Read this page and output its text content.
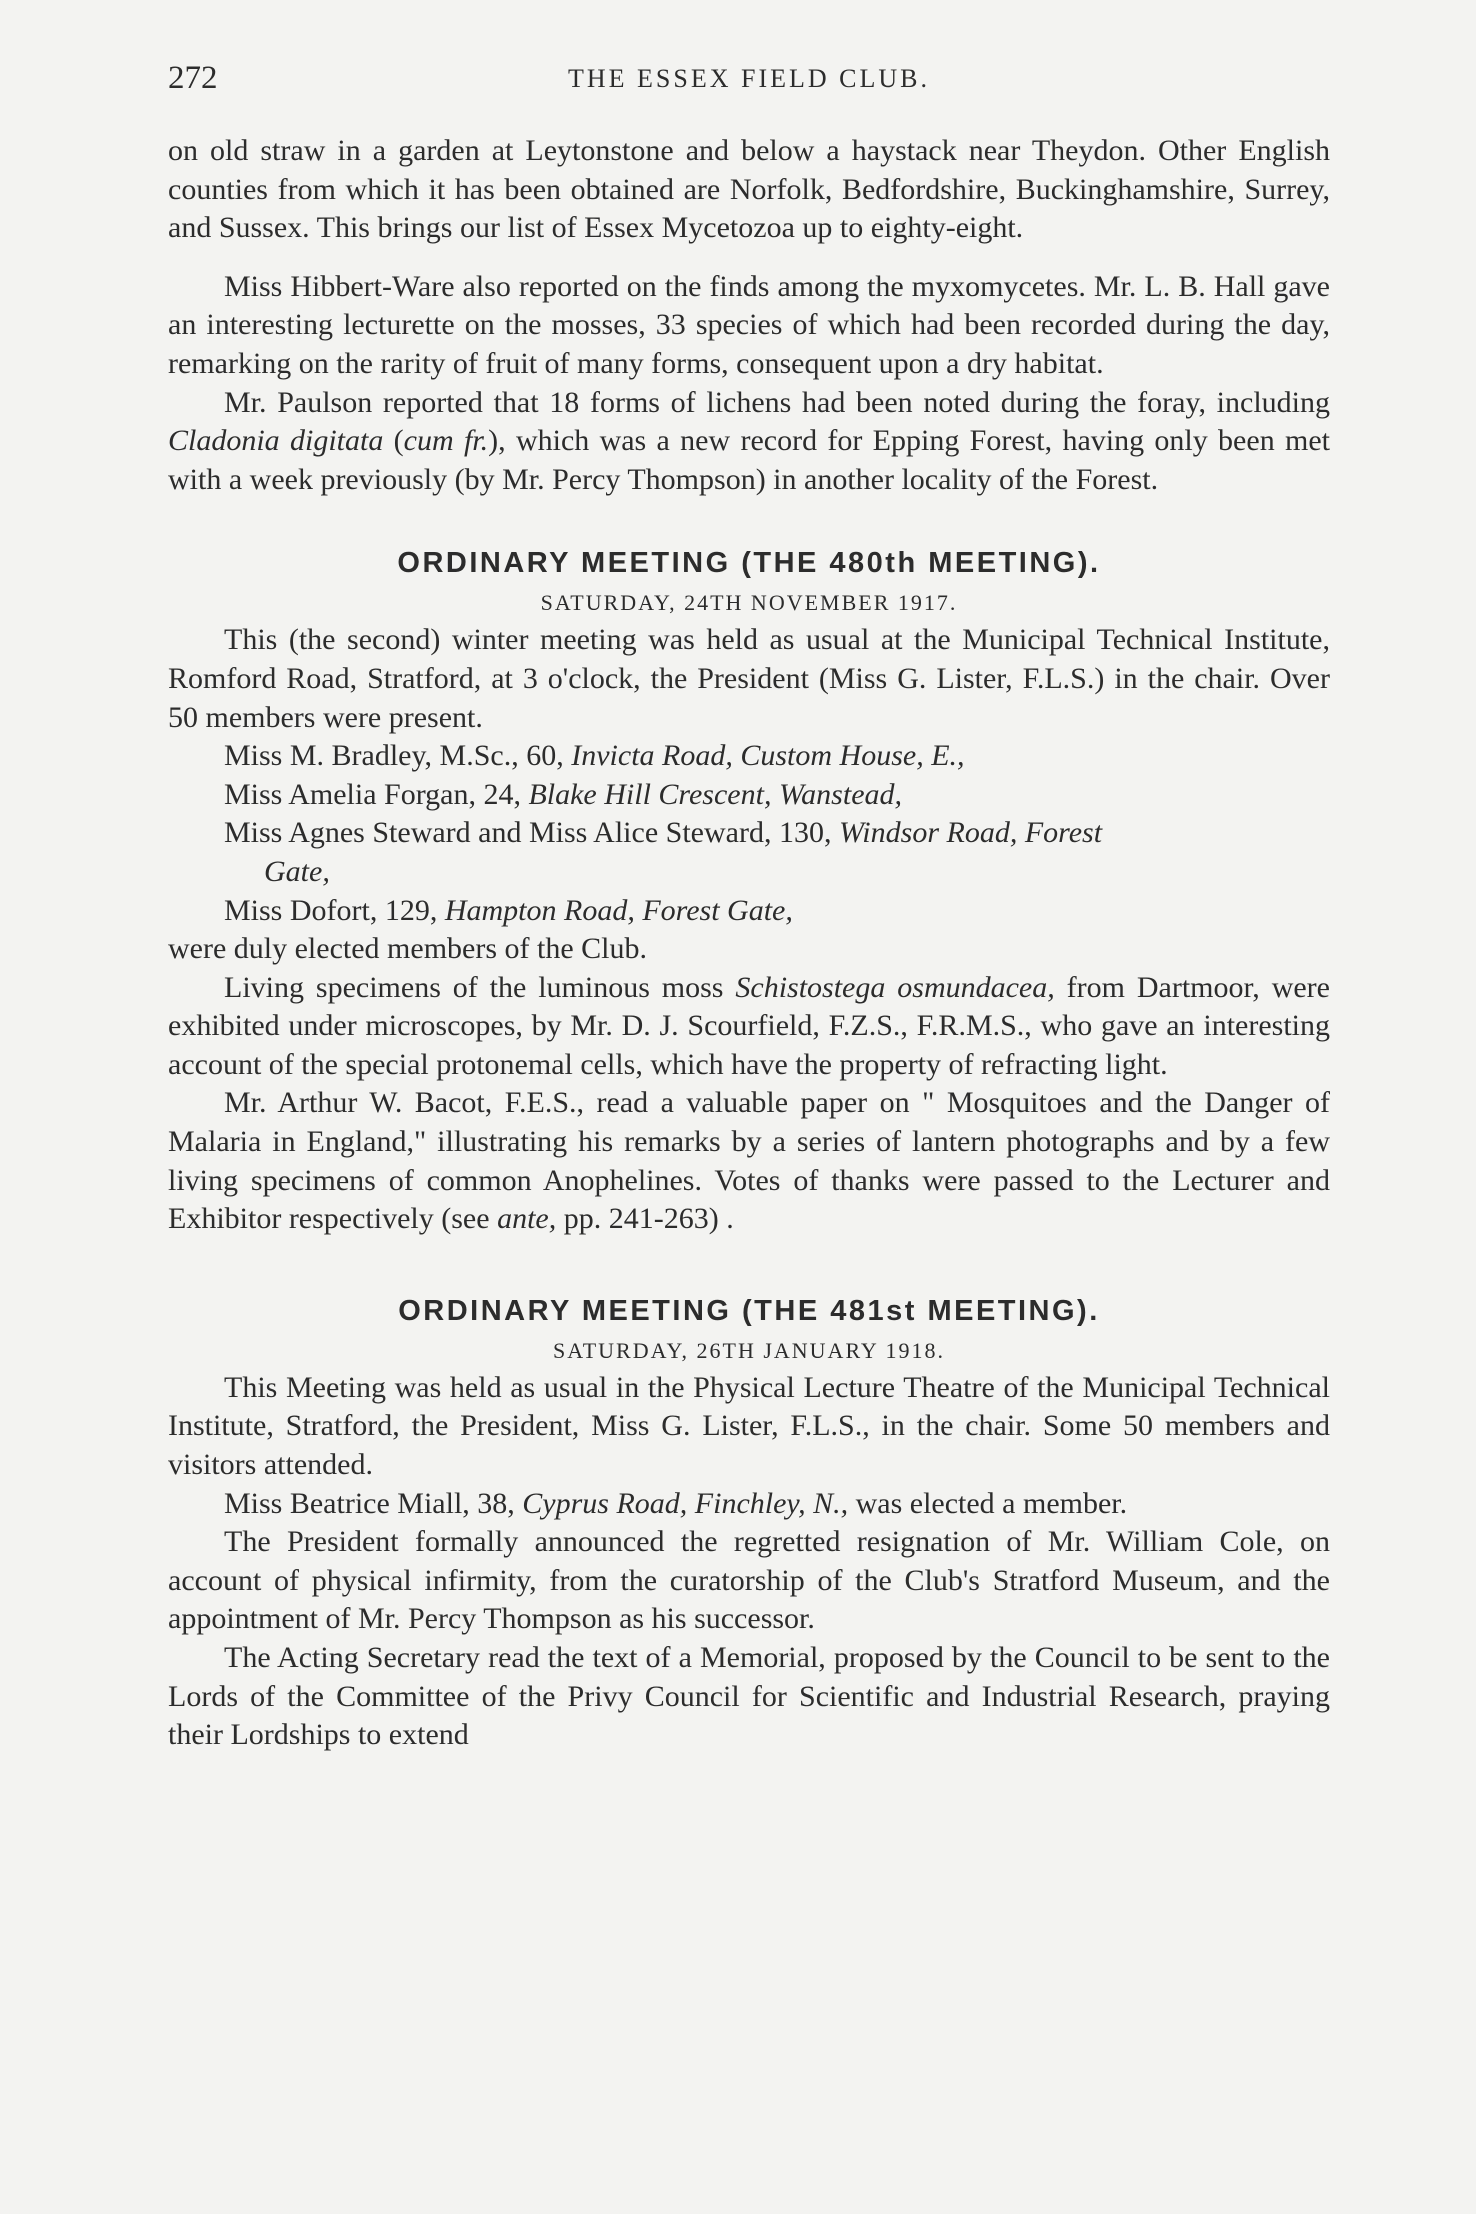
272	THE ESSEX FIELD CLUB.

on old straw in a garden at Leytonstone and below a haystack near Theydon. Other English counties from which it has been obtained are Norfolk, Bedfordshire, Buckinghamshire, Surrey, and Sussex. This brings our list of Essex Mycetozoa up to eighty-eight.

Miss Hibbert-Ware also reported on the finds among the myxomycetes. Mr. L. B. Hall gave an interesting lecturette on the mosses, 33 species of which had been recorded during the day, remarking on the rarity of fruit of many forms, consequent upon a dry habitat.

Mr. Paulson reported that 18 forms of lichens had been noted during the foray, including Cladonia digitata (cum fr.), which was a new record for Epping Forest, having only been met with a week previously (by Mr. Percy Thompson) in another locality of the Forest.

ORDINARY MEETING (THE 480th MEETING).

SATURDAY, 24TH NOVEMBER 1917.

This (the second) winter meeting was held as usual at the Municipal Technical Institute, Romford Road, Stratford, at 3 o'clock, the President (Miss G. Lister, F.L.S.) in the chair. Over 50 members were present.

Miss M. Bradley, M.Sc., 60, Invicta Road, Custom House, E.,

Miss Amelia Forgan, 24, Blake Hill Crescent, Wanstead,

Miss Agnes Steward and Miss Alice Steward, 130, Windsor Road, Forest
Gate,

Miss Dofort, 129, Hampton Road, Forest Gate,

were duly elected members of the Club.

Living specimens of the luminous moss Schistostega osmundacea, from Dartmoor, were exhibited under microscopes, by Mr. D. J. Scourfield, F.Z.S., F.R.M.S., who gave an interesting account of the special protonemal cells, which have the property of refracting light.

Mr. Arthur W. Bacot, F.E.S., read a valuable paper on " Mosquitoes and the Danger of Malaria in England," illustrating his remarks by a series of lantern photographs and by a few living specimens of common Anophelines. Votes of thanks were passed to the Lecturer and Exhibitor respectively (see ante, pp. 241-263) .

ORDINARY MEETING (THE 481st MEETING).

SATURDAY, 26TH JANUARY 1918.

This Meeting was held as usual in the Physical Lecture Theatre of the Municipal Technical Institute, Stratford, the President, Miss G. Lister, F.L.S., in the chair. Some 50 members and visitors attended.

Miss Beatrice Miall, 38, Cyprus Road, Finchley, N., was elected a member.

The President formally announced the regretted resignation of Mr. William Cole, on account of physical infirmity, from the curatorship of the Club's Stratford Museum, and the appointment of Mr. Percy Thompson as his successor.

The Acting Secretary read the text of a Memorial, proposed by the Council to be sent to the Lords of the Committee of the Privy Council for Scientific and Industrial Research, praying their Lordships to extend
